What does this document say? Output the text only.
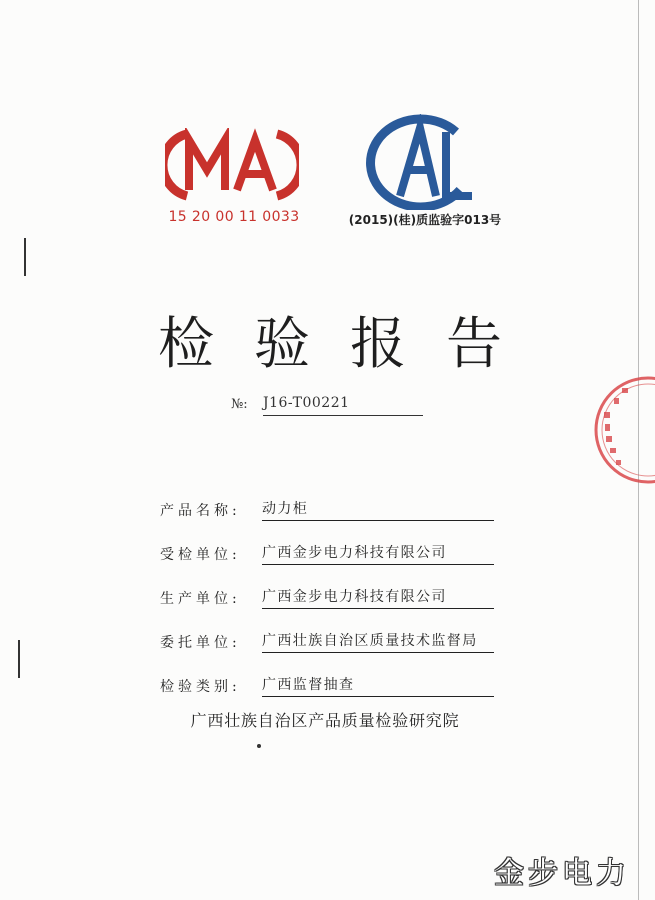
15 20 00 11 0033	(2015)(桂)质监验字013号
检验报告
№: J16-T00221
产品名称:	动力柜
受检单位:	广西金步电力科技有限公司
生产单位:	广西金步电力科技有限公司
委托单位:	广西壮族自治区质量技术监督局
检验类别:	广西监督抽查
广西壮族自治区产品质量检验研究院
金步电力
